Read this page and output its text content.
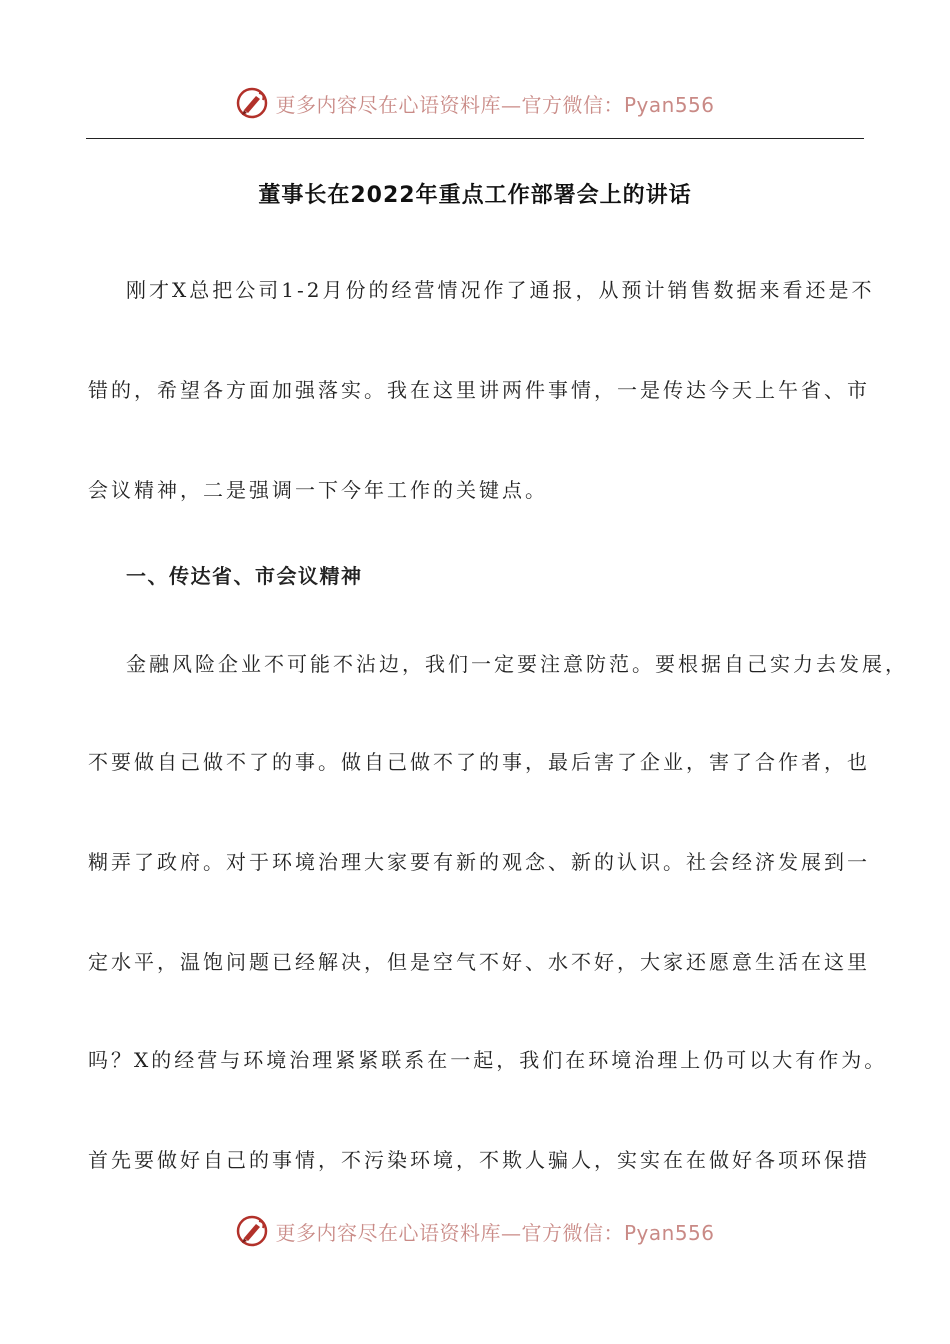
更多内容尽在心语资料库—官方微信：Pyan556
董事长在2022年重点工作部署会上的讲话
刚才X总把公司1-2月份的经营情况作了通报，从预计销售数据来看还是不
错的，希望各方面加强落实。我在这里讲两件事情，一是传达今天上午省、市
会议精神，二是强调一下今年工作的关键点。
一、传达省、市会议精神
金融风险企业不可能不沾边，我们一定要注意防范。要根据自己实力去发展，
不要做自己做不了的事。做自己做不了的事，最后害了企业，害了合作者，也
糊弄了政府。对于环境治理大家要有新的观念、新的认识。社会经济发展到一
定水平，温饱问题已经解决，但是空气不好、水不好，大家还愿意生活在这里
吗？X的经营与环境治理紧紧联系在一起，我们在环境治理上仍可以大有作为。
首先要做好自己的事情，不污染环境，不欺人骗人，实实在在做好各项环保措
更多内容尽在心语资料库—官方微信：Pyan556
